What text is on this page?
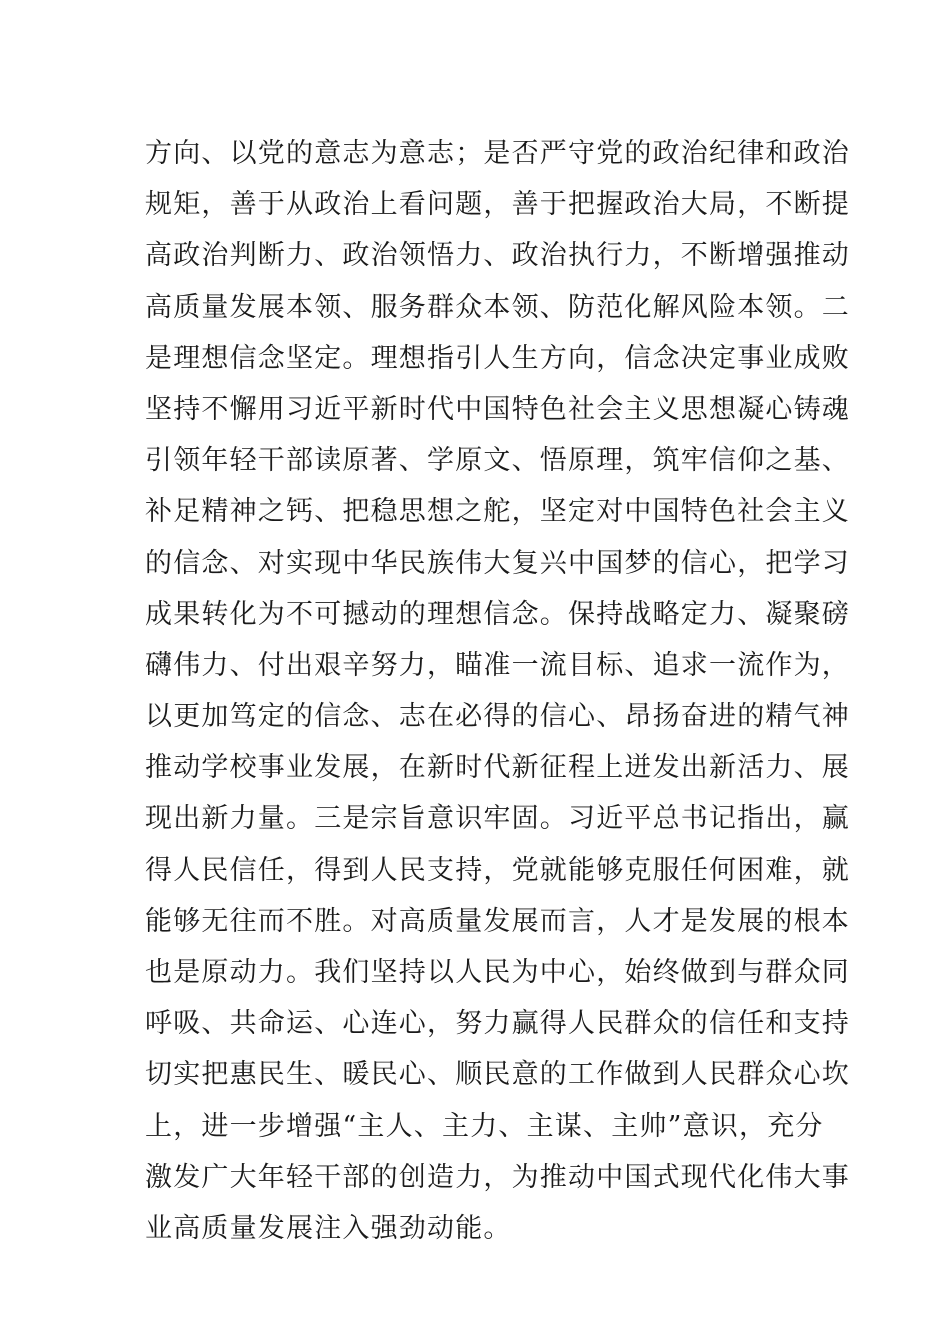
方向、以党的意志为意志；是否严守党的政治纪律和政治
规矩，善于从政治上看问题，善于把握政治大局，不断提
高政治判断力、政治领悟力、政治执行力，不断增强推动
高质量发展本领、服务群众本领、防范化解风险本领。二
是理想信念坚定。理想指引人生方向，信念决定事业成败
坚持不懈用习近平新时代中国特色社会主义思想凝心铸魂
引领年轻干部读原著、学原文、悟原理，筑牢信仰之基、
补足精神之钙、把稳思想之舵，坚定对中国特色社会主义
的信念、对实现中华民族伟大复兴中国梦的信心，把学习
成果转化为不可撼动的理想信念。保持战略定力、凝聚磅
礴伟力、付出艰辛努力，瞄准一流目标、追求一流作为，
以更加笃定的信念、志在必得的信心、昂扬奋进的精气神
推动学校事业发展，在新时代新征程上迸发出新活力、展
现出新力量。三是宗旨意识牢固。习近平总书记指出，赢
得人民信任，得到人民支持，党就能够克服任何困难，就
能够无往而不胜。对高质量发展而言，人才是发展的根本
也是原动力。我们坚持以人民为中心，始终做到与群众同
呼吸、共命运、心连心，努力赢得人民群众的信任和支持
切实把惠民生、暖民心、顺民意的工作做到人民群众心坎
上，进一步增强“主人、主力、主谋、主帅”意识，充分
激发广大年轻干部的创造力，为推动中国式现代化伟大事
业高质量发展注入强劲动能。
